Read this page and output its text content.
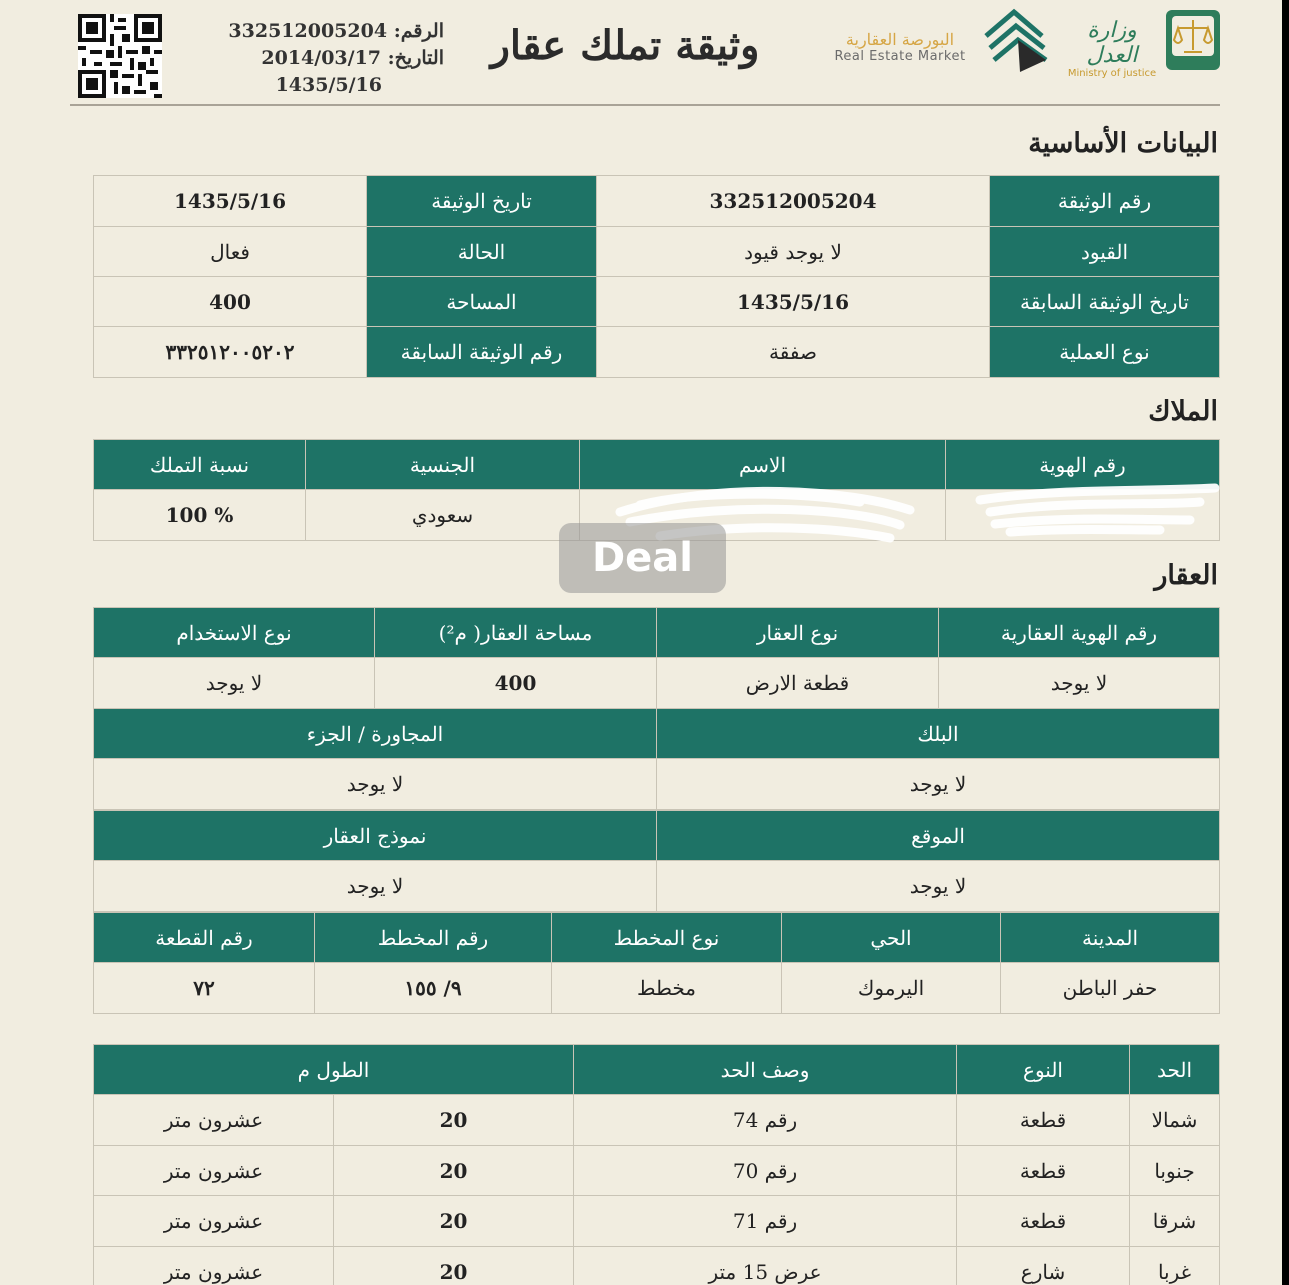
الرقم: 332512005204
التاريخ: 2014/03/17
1435/5/16
وثيقة تملك عقار	البورصة العقارية
Real Estate Market
وزارة العدل
Ministry of justice
البيانات الأساسية
رقم الوثيقة	332512005204	تاريخ الوثيقة	1435/5/16
القيود	لا يوجد قيود	الحالة	فعال
تاريخ الوثيقة السابقة	1435/5/16	المساحة	400
نوع العملية	صفقة	رقم الوثيقة السابقة	٣٣٢٥١٢٠٠٥٢٠٢
الملاك
رقم الهوية	الاسم	الجنسية	نسبة التملك
		سعودي	% 100
Deal	العقار
رقم الهوية العقارية	نوع العقار	مساحة العقار( م²)	نوع الاستخدام
لا يوجد	قطعة الارض	400	لا يوجد
البلك	المجاورة / الجزء
لا يوجد	لا يوجد
الموقع	نموذج العقار
لا يوجد	لا يوجد
المدينة	الحي	نوع المخطط	رقم المخطط	رقم القطعة
حفر الباطن	اليرموك	مخطط	٩/ ١٥٥	٧٢
الحد	النوع	وصف الحد	الطول م	
شمالا	قطعة	رقم 74	20	عشرون متر
جنوبا	قطعة	رقم 70	20	عشرون متر
شرقا	قطعة	رقم 71	20	عشرون متر
غربا	شارع	عرض 15 متر	20	عشرون متر
